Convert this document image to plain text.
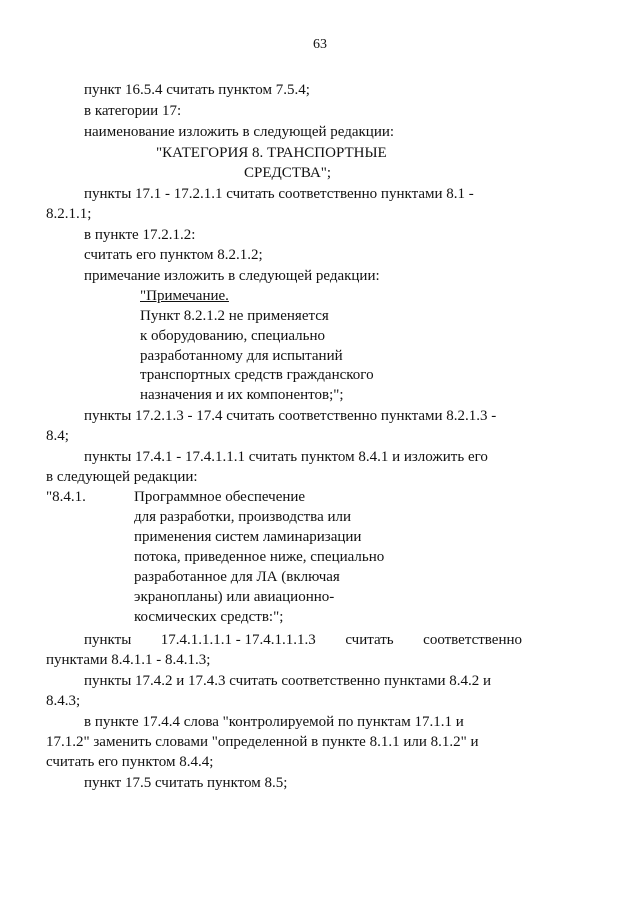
63
пункт 16.5.4 считать пунктом 7.5.4;
в категории 17:
наименование изложить в следующей редакции:
"КАТЕГОРИЯ 8. ТРАНСПОРТНЫЕ
СРЕДСТВА";
пункты 17.1 - 17.2.1.1 считать соответственно пунктами 8.1 -
8.2.1.1;
в пункте 17.2.1.2:
считать его пунктом 8.2.1.2;
примечание изложить в следующей редакции:
"Примечание.
Пункт 8.2.1.2 не применяется
к оборудованию, специально
разработанному для испытаний
транспортных средств гражданского
назначения и их компонентов;";
пункты 17.2.1.3 - 17.4 считать соответственно пунктами 8.2.1.3 -
8.4;
пункты 17.4.1 - 17.4.1.1.1 считать пунктом 8.4.1 и изложить его
в следующей редакции:
"8.4.1.	Программное обеспечение
для разработки, производства или
применения систем ламинаризации
потока, приведенное ниже, специально
разработанное для ЛА (включая
экранопланы) или авиационно-
космических средств:";
пункты 17.4.1.1.1.1 - 17.4.1.1.1.3 считать соответственно
пунктами 8.4.1.1 - 8.4.1.3;
пункты 17.4.2 и 17.4.3 считать соответственно пунктами 8.4.2 и
8.4.3;
в пункте 17.4.4 слова "контролируемой по пунктам 17.1.1 и
17.1.2" заменить словами "определенной в пункте 8.1.1 или 8.1.2" и
считать его пунктом 8.4.4;
пункт 17.5 считать пунктом 8.5;
